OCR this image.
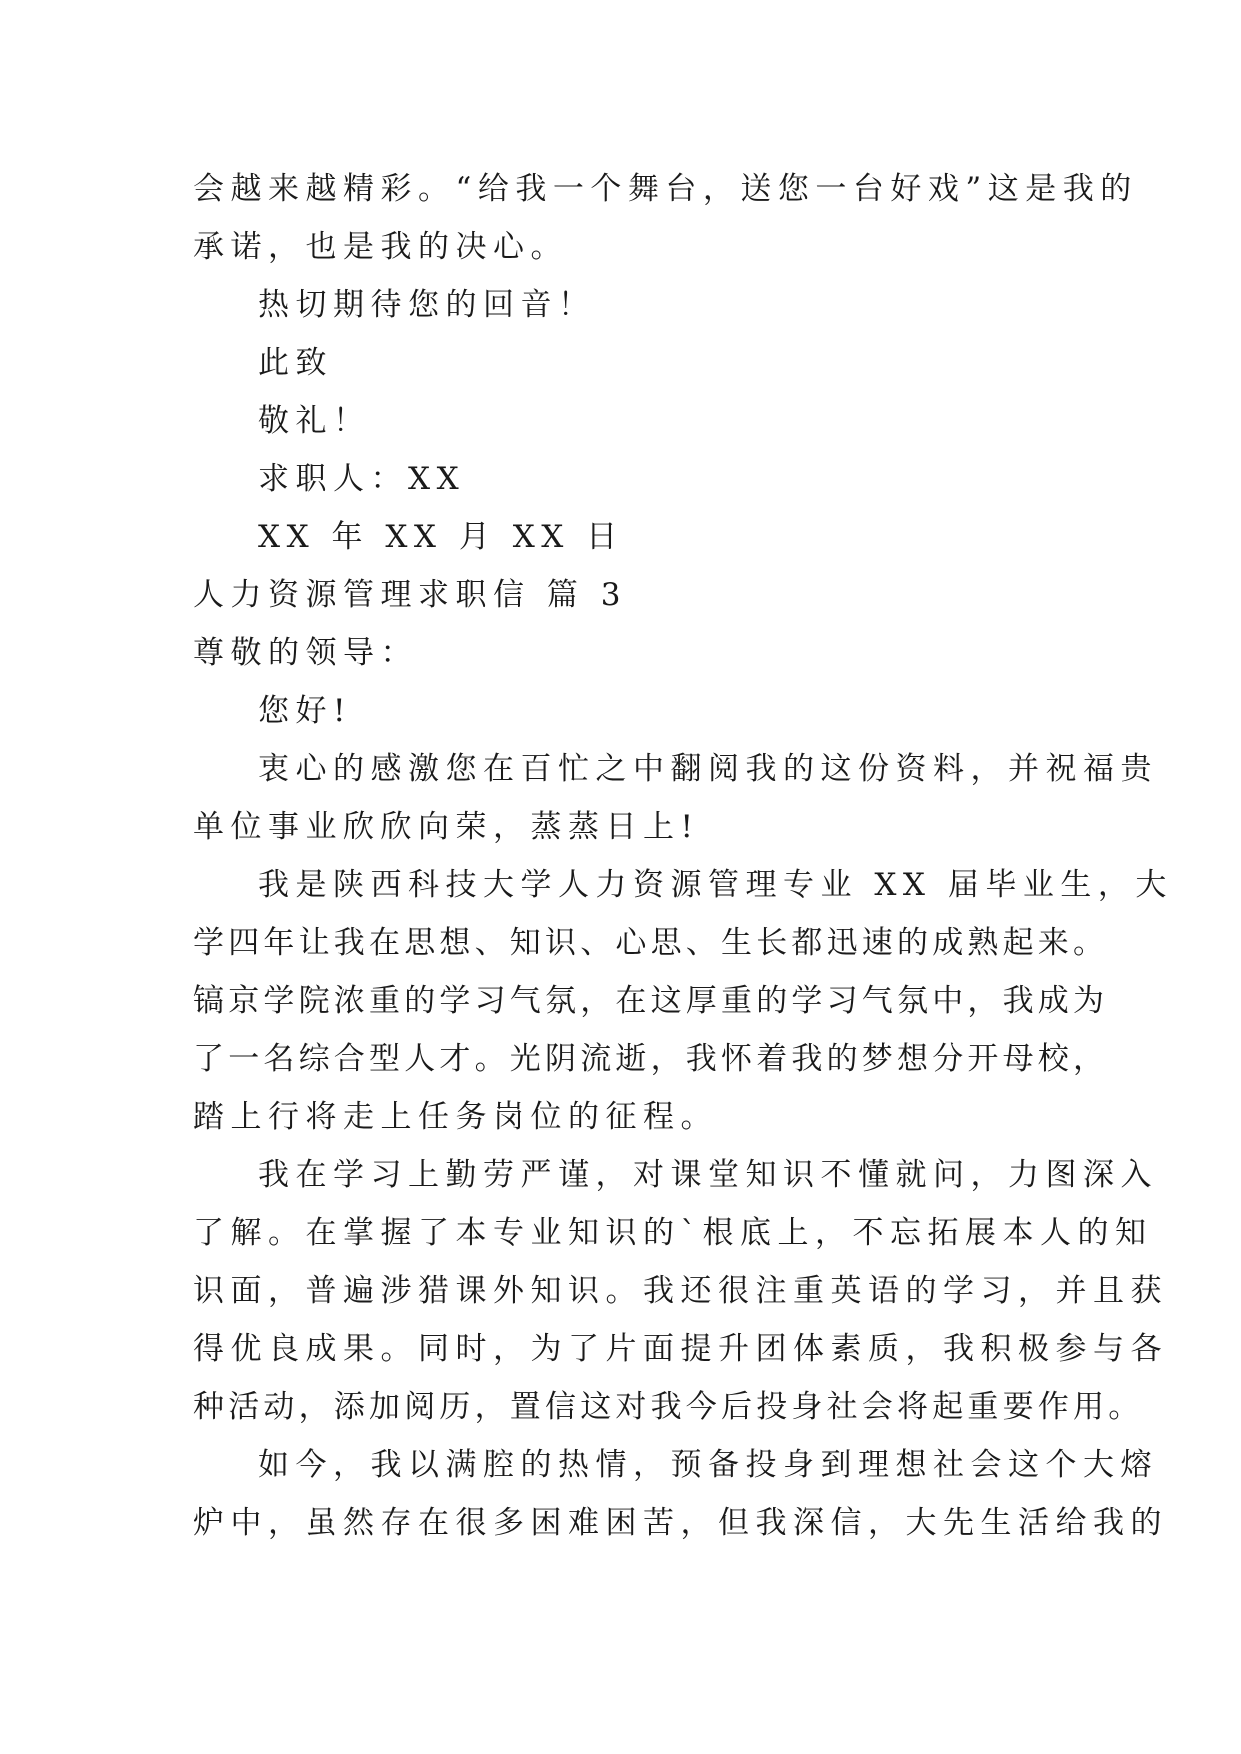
会越来越精彩。“给我一个舞台，送您一台好戏”这是我的
承诺，也是我的决心。
热切期待您的回音！
此致
敬礼！
求职人：XX
XX 年 XX 月 XX 日
人力资源管理求职信 篇 3
尊敬的领导：
您好!
衷心的感激您在百忙之中翻阅我的这份资料，并祝福贵
单位事业欣欣向荣，蒸蒸日上!
我是陕西科技大学人力资源管理专业 XX 届毕业生，大
学四年让我在思想、知识、心思、生长都迅速的成熟起来。
镐京学院浓重的学习气氛，在这厚重的学习气氛中，我成为
了一名综合型人才。光阴流逝，我怀着我的梦想分开母校，
踏上行将走上任务岗位的征程。
我在学习上勤劳严谨，对课堂知识不懂就问，力图深入
了解。在掌握了本专业知识的`根底上，不忘拓展本人的知
识面，普遍涉猎课外知识。我还很注重英语的学习，并且获
得优良成果。同时，为了片面提升团体素质，我积极参与各
种活动，添加阅历，置信这对我今后投身社会将起重要作用。
如今，我以满腔的热情，预备投身到理想社会这个大熔
炉中，虽然存在很多困难困苦，但我深信，大先生活给我的
